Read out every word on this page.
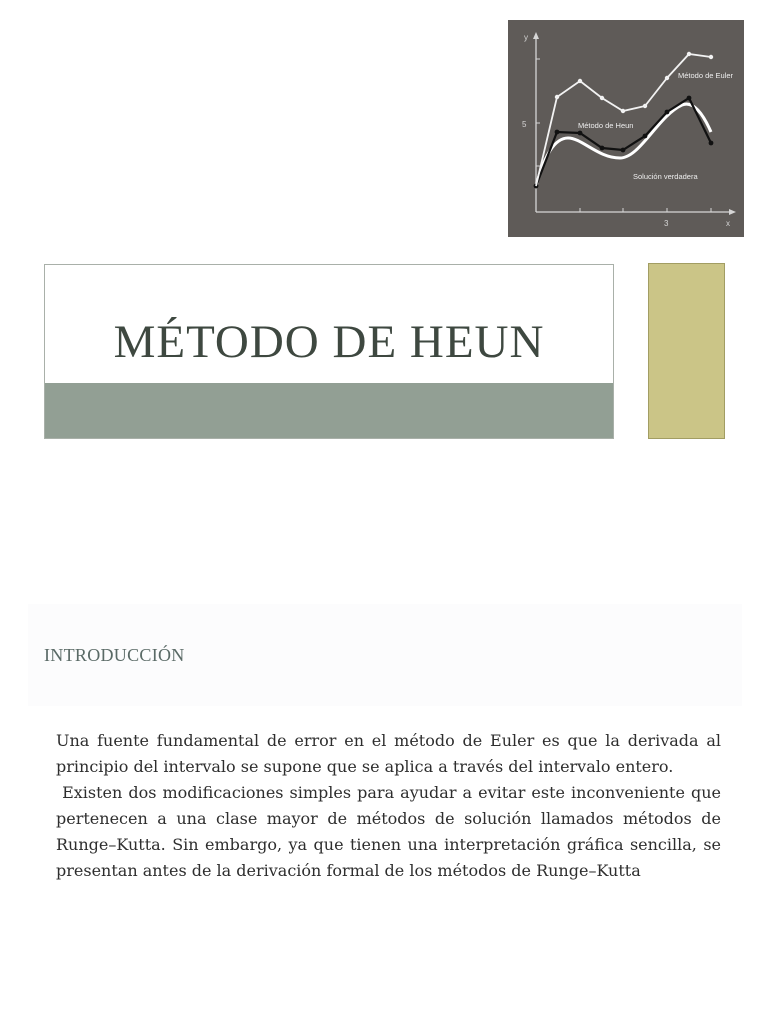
y
x
5
3
Método de Euler
Método de Heun
Solución verdadera
MÉTODO DE HEUN
INTRODUCCIÓN

Una fuente fundamental de error en el método de Euler es que la derivada al principio del intervalo se supone que se aplica a través del intervalo entero.

Existen dos modificaciones simples para ayudar a evitar este inconveniente que pertenecen a una clase mayor de métodos de solución llamados métodos de Runge–Kutta. Sin embargo, ya que tienen una interpretación gráfica sencilla, se presentan antes de la derivación formal de los métodos de Runge–Kutta
